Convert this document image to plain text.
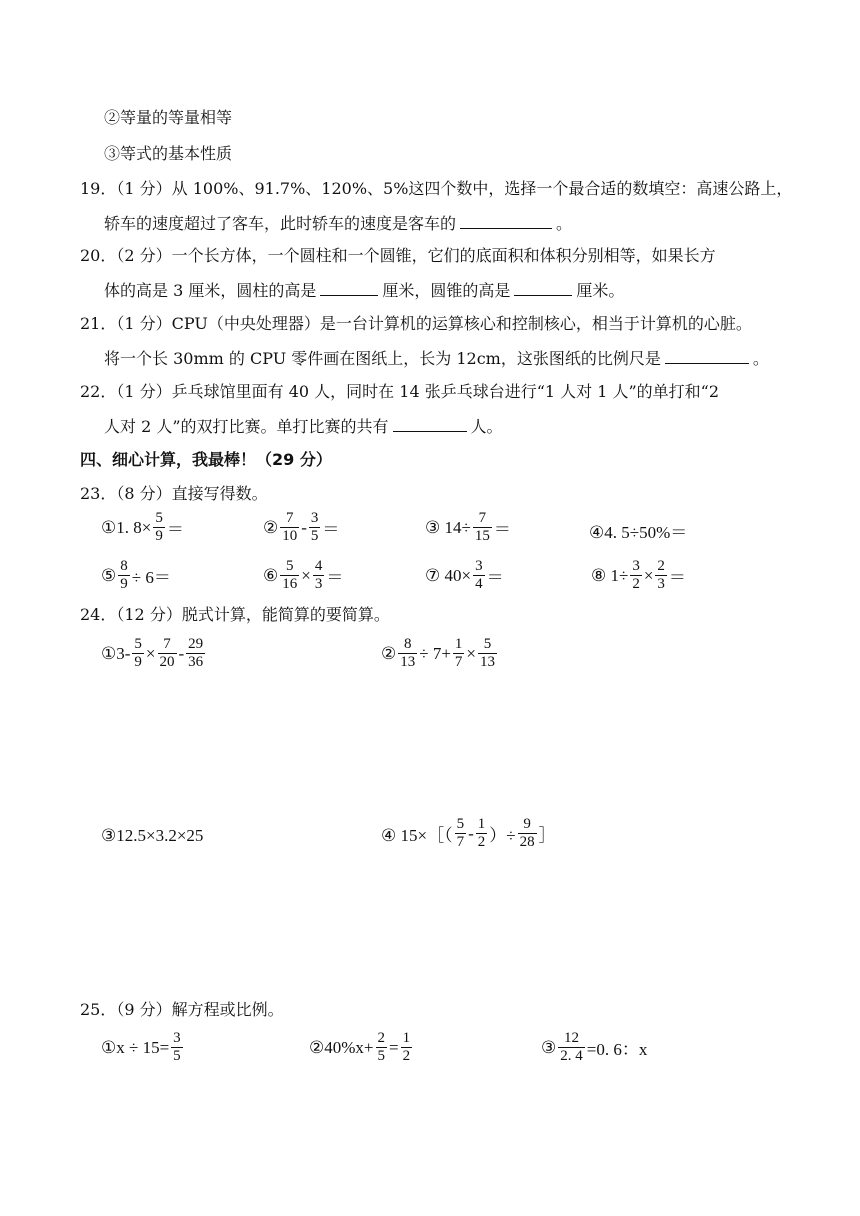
②等量的等量相等
③等式的基本性质
19．（1 分）从 100%、91.7%、120%、5%这四个数中，选择一个最合适的数填空：高速公路上，
轿车的速度超过了客车，此时轿车的速度是客车的	。
20．（2 分）一个长方体，一个圆柱和一个圆锥，它们的底面积和体积分别相等，如果长方
体的高是 3 厘米，圆柱的高是	厘米，圆锥的高是	厘米。
21．（1 分）CPU（中央处理器）是一台计算机的运算核心和控制核心，相当于计算机的心脏。
将一个长 30mm 的 CPU 零件画在图纸上，长为 12cm，这张图纸的比例尺是	。
22．（1 分）乒乓球馆里面有 40 人，同时在 14 张乒乓球台进行“1 人对 1 人”的单打和“2
人对 2 人”的双打比赛。单打比赛的共有	人。
四、细心计算，我最棒！（29 分）
23．（8 分）直接写得数。
①1. $8\times \frac{5}{9}$ ＝	② $\frac{7}{10} - \frac{3}{5}$ ＝	③ $14\div \frac{7}{15}$ ＝	④4. 5÷50%＝
⑤ $\frac{8}{9} \div 6=$	⑥ $\frac{5}{16} \times \frac{4}{3}$ ＝	⑦ $40\times \frac{3}{4}$ ＝	⑧ $1\div \frac{3}{2} \times \frac{2}{3}$ ＝
24．（12 分）脱式计算，能简算的要简算。
①3- $\frac{5}{9} \times \frac{7}{20} - \frac{29}{36}$	② $\frac{8}{13} \div 7+ \frac{1}{7} \times \frac{5}{13}$
③12.5×3.2×25	④ 15×［（ $\frac{5}{7} - \frac{1}{2}$ ）÷ $\frac{9}{28}$ ］
25．（9 分）解方程或比例。
①x ÷ $15= \frac{3}{5}$	②40%x+ $\frac{2}{5} = \frac{1}{2}$	③ $\frac{12}{2. 4} =0$. 6：x
